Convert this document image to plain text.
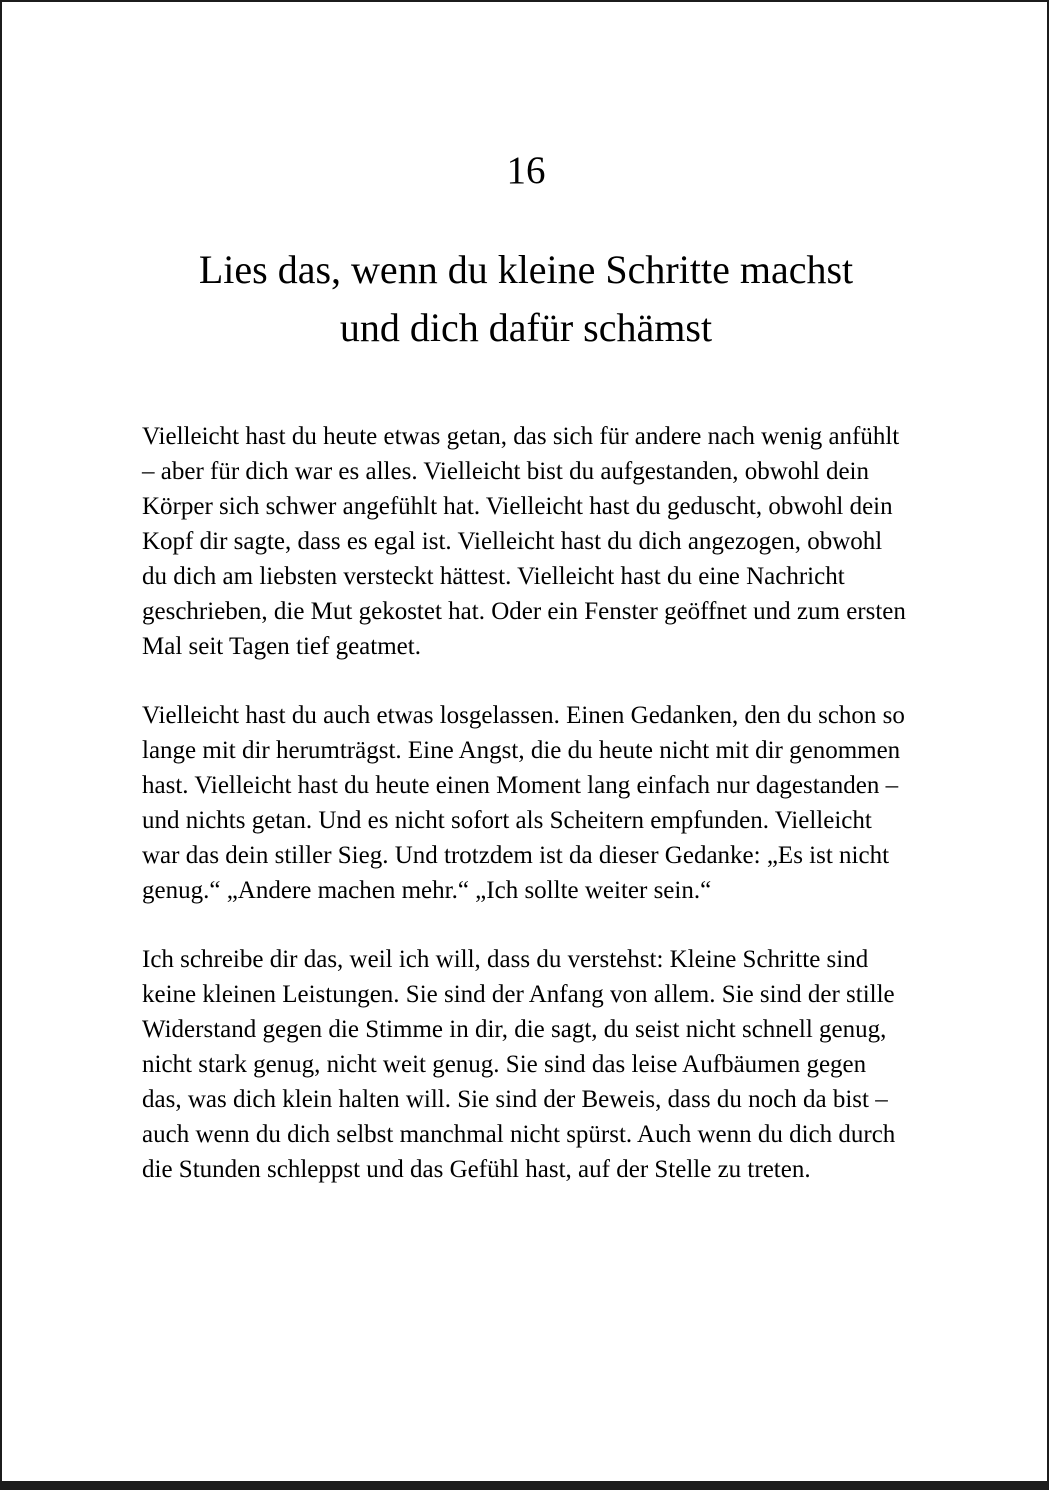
16
Lies das, wenn du kleine Schritte machst
und dich dafür schämst

Vielleicht hast du heute etwas getan, das sich für andere nach wenig anfühlt – aber für dich war es alles. Vielleicht bist du aufgestanden, obwohl dein Körper sich schwer angefühlt hat. Vielleicht hast du geduscht, obwohl dein Kopf dir sagte, dass es egal ist. Vielleicht hast du dich angezogen, obwohl du dich am liebsten versteckt hättest. Vielleicht hast du eine Nachricht geschrieben, die Mut gekostet hat. Oder ein Fenster geöffnet und zum ersten Mal seit Tagen tief geatmet.

Vielleicht hast du auch etwas losgelassen. Einen Gedanken, den du schon so lange mit dir herumträgst. Eine Angst, die du heute nicht mit dir genommen hast. Vielleicht hast du heute einen Moment lang einfach nur dagestanden – und nichts getan. Und es nicht sofort als Scheitern empfunden. Vielleicht war das dein stiller Sieg. Und trotzdem ist da dieser Gedanke: „Es ist nicht genug.“ „Andere machen mehr.“ „Ich sollte weiter sein.“

Ich schreibe dir das, weil ich will, dass du verstehst: Kleine Schritte sind keine kleinen Leistungen. Sie sind der Anfang von allem. Sie sind der stille Widerstand gegen die Stimme in dir, die sagt, du seist nicht schnell genug, nicht stark genug, nicht weit genug. Sie sind das leise Aufbäumen gegen das, was dich klein halten will. Sie sind der Beweis, dass du noch da bist – auch wenn du dich selbst manchmal nicht spürst. Auch wenn du dich durch die Stunden schleppst und das Gefühl hast, auf der Stelle zu treten.
